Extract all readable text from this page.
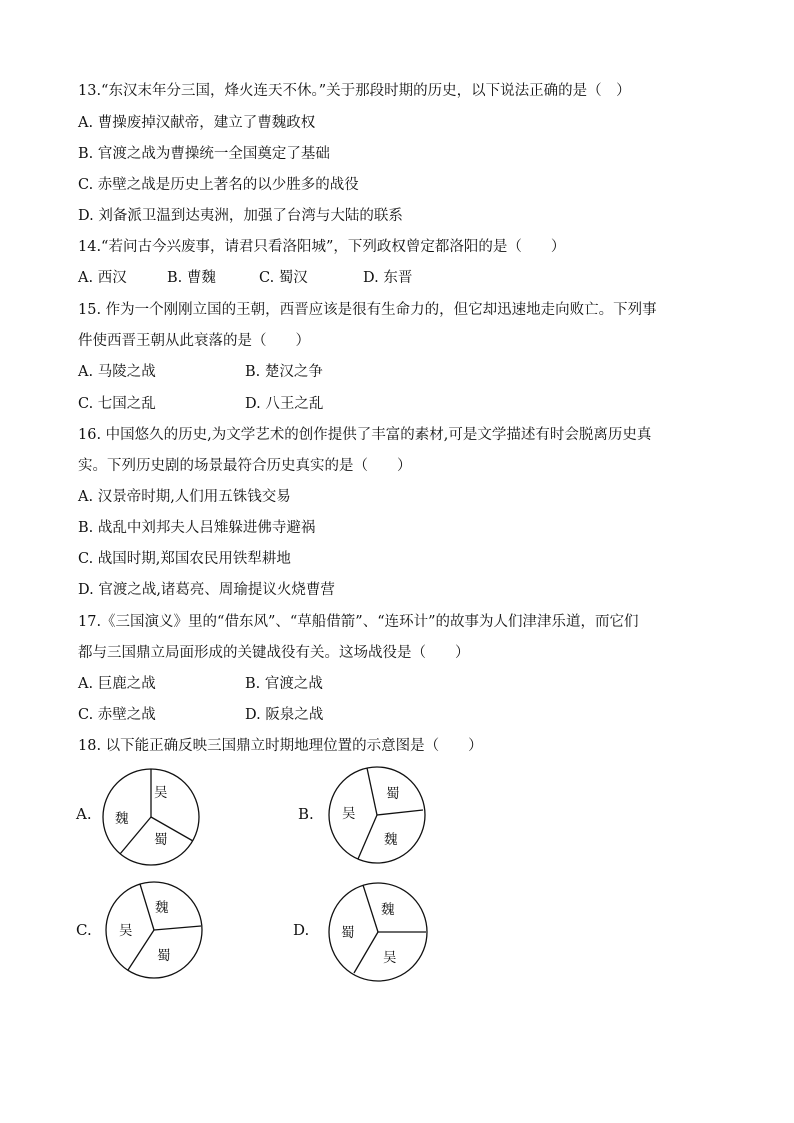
13.“东汉末年分三国，烽火连天不休。”关于那段时期的历史，以下说法正确的是（　）
A. 曹操废掉汉献帝，建立了曹魏政权
B. 官渡之战为曹操统一全国奠定了基础
C. 赤壁之战是历史上著名的以少胜多的战役
D. 刘备派卫温到达夷洲，加强了台湾与大陆的联系
14.“若问古今兴废事，请君只看洛阳城”，下列政权曾定都洛阳的是（　　）
A. 西汉	B. 曹魏	C. 蜀汉	D. 东晋
15. 作为一个刚刚立国的王朝，西晋应该是很有生命力的，但它却迅速地走向败亡。下列事
件使西晋王朝从此衰落的是（　　）
A. 马陵之战	B. 楚汉之争
C. 七国之乱	D. 八王之乱
16. 中国悠久的历史,为文学艺术的创作提供了丰富的素材,可是文学描述有时会脱离历史真
实。下列历史剧的场景最符合历史真实的是（　　）
A. 汉景帝时期,人们用五铢钱交易
B. 战乱中刘邦夫人吕雉躲进佛寺避祸
C. 战国时期,郑国农民用铁犁耕地
D. 官渡之战,诸葛亮、周瑜提议火烧曹营
17.《三国演义》里的“借东风”、“草船借箭”、“连环计”的故事为人们津津乐道，而它们
都与三国鼎立局面形成的关键战役有关。这场战役是（　　）
A. 巨鹿之战	B. 官渡之战
C. 赤壁之战	D. 阪泉之战
18. 以下能正确反映三国鼎立时期地理位置的示意图是（　　）
A.
吴
魏
蜀
B.
蜀
吴
魏
C.
魏
吴
蜀
D.
魏
蜀
吴
